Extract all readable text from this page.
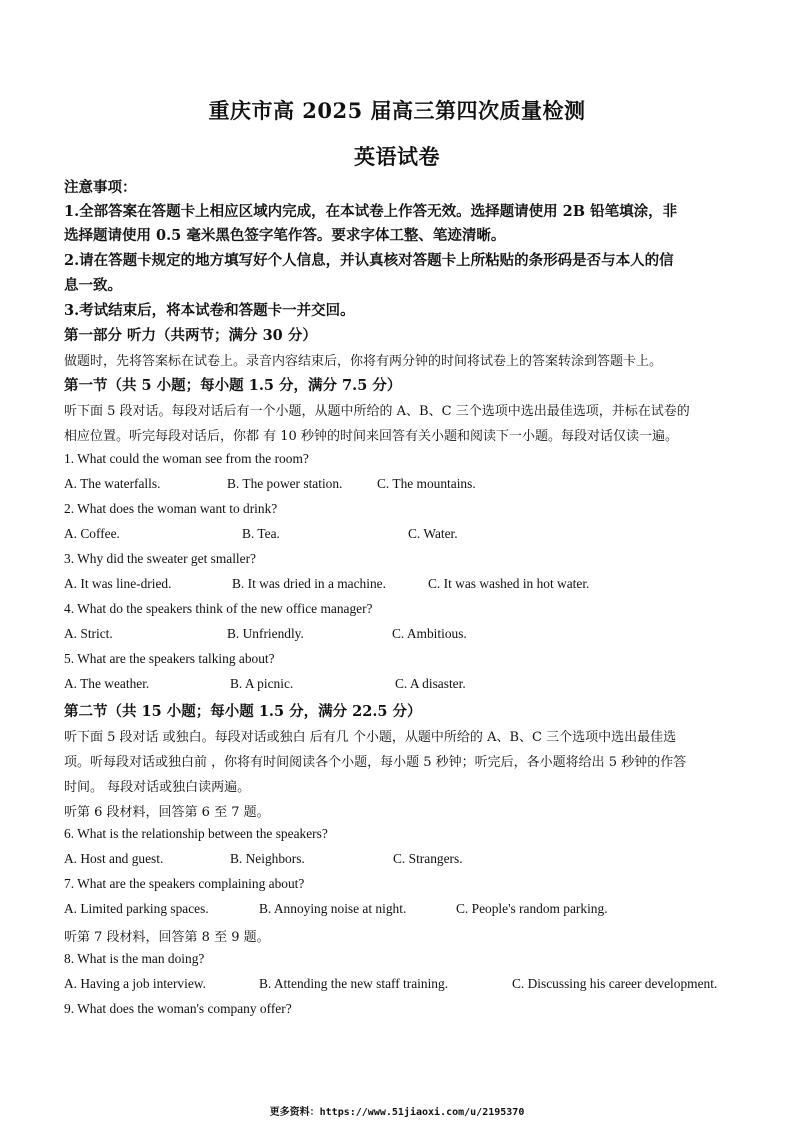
重庆市高 2025 届高三第四次质量检测
英语试卷
注意事项：
1.全部答案在答题卡上相应区域内完成，在本试卷上作答无效。选择题请使用 2B 铅笔填涂，非
选择题请使用 0.5 毫米黑色签字笔作答。要求字体工整、笔迹清晰。
2.请在答题卡规定的地方填写好个人信息，并认真核对答题卡上所粘贴的条形码是否与本人的信
息一致。
3.考试结束后，将本试卷和答题卡一并交回。
第一部分 听力（共两节；满分 30 分）
做题时，先将答案标在试卷上。录音内容结束后，你将有两分钟的时间将试卷上的答案转涂到答题卡上。
第一节（共 5 小题；每小题 1.5 分，满分 7.5 分）
听下面 5 段对话。每段对话后有一个小题，从题中所给的 A、B、C 三个选项中选出最佳选项，并标在试卷的
相应位置。听完每段对话后，你都 有 10 秒钟的时间来回答有关小题和阅读下一小题。每段对话仅读一遍。
1. What could the woman see from the room?
A. The waterfalls.	B. The power station.	C. The mountains.
2. What does the woman want to drink?
A. Coffee.	B. Tea.	C. Water.
3. Why did the sweater get smaller?
A. It was line-dried.	B. It was dried in a machine.	C. It was washed in hot water.
4. What do the speakers think of the new office manager?
A. Strict.	B. Unfriendly.	C. Ambitious.
5. What are the speakers talking about?
A. The weather.	B. A picnic.	C. A disaster.
第二节（共 15 小题；每小题 1.5 分，满分 22.5 分）
听下面 5 段对话 或独白。每段对话或独白 后有几 个小题，从题中所给的 A、B、C 三个选项中选出最佳选
项。听每段对话或独白前 ，你将有时间阅读各个小题，每小题 5 秒钟；听完后，各小题将给出 5 秒钟的作答
时间。 每段对话或独白读两遍。
听第 6 段材料，回答第 6 至 7 题。
6. What is the relationship between the speakers?
A. Host and guest.	B. Neighbors.	C. Strangers.
7. What are the speakers complaining about?
A. Limited parking spaces.	B. Annoying noise at night.	C. People's random parking.
听第 7 段材料，回答第 8 至 9 题。
8. What is the man doing?
A. Having a job interview.	B. Attending the new staff training.	C. Discussing his career development.
9. What does the woman's company offer?
更多资料：https://www.51jiaoxi.com/u/2195370
